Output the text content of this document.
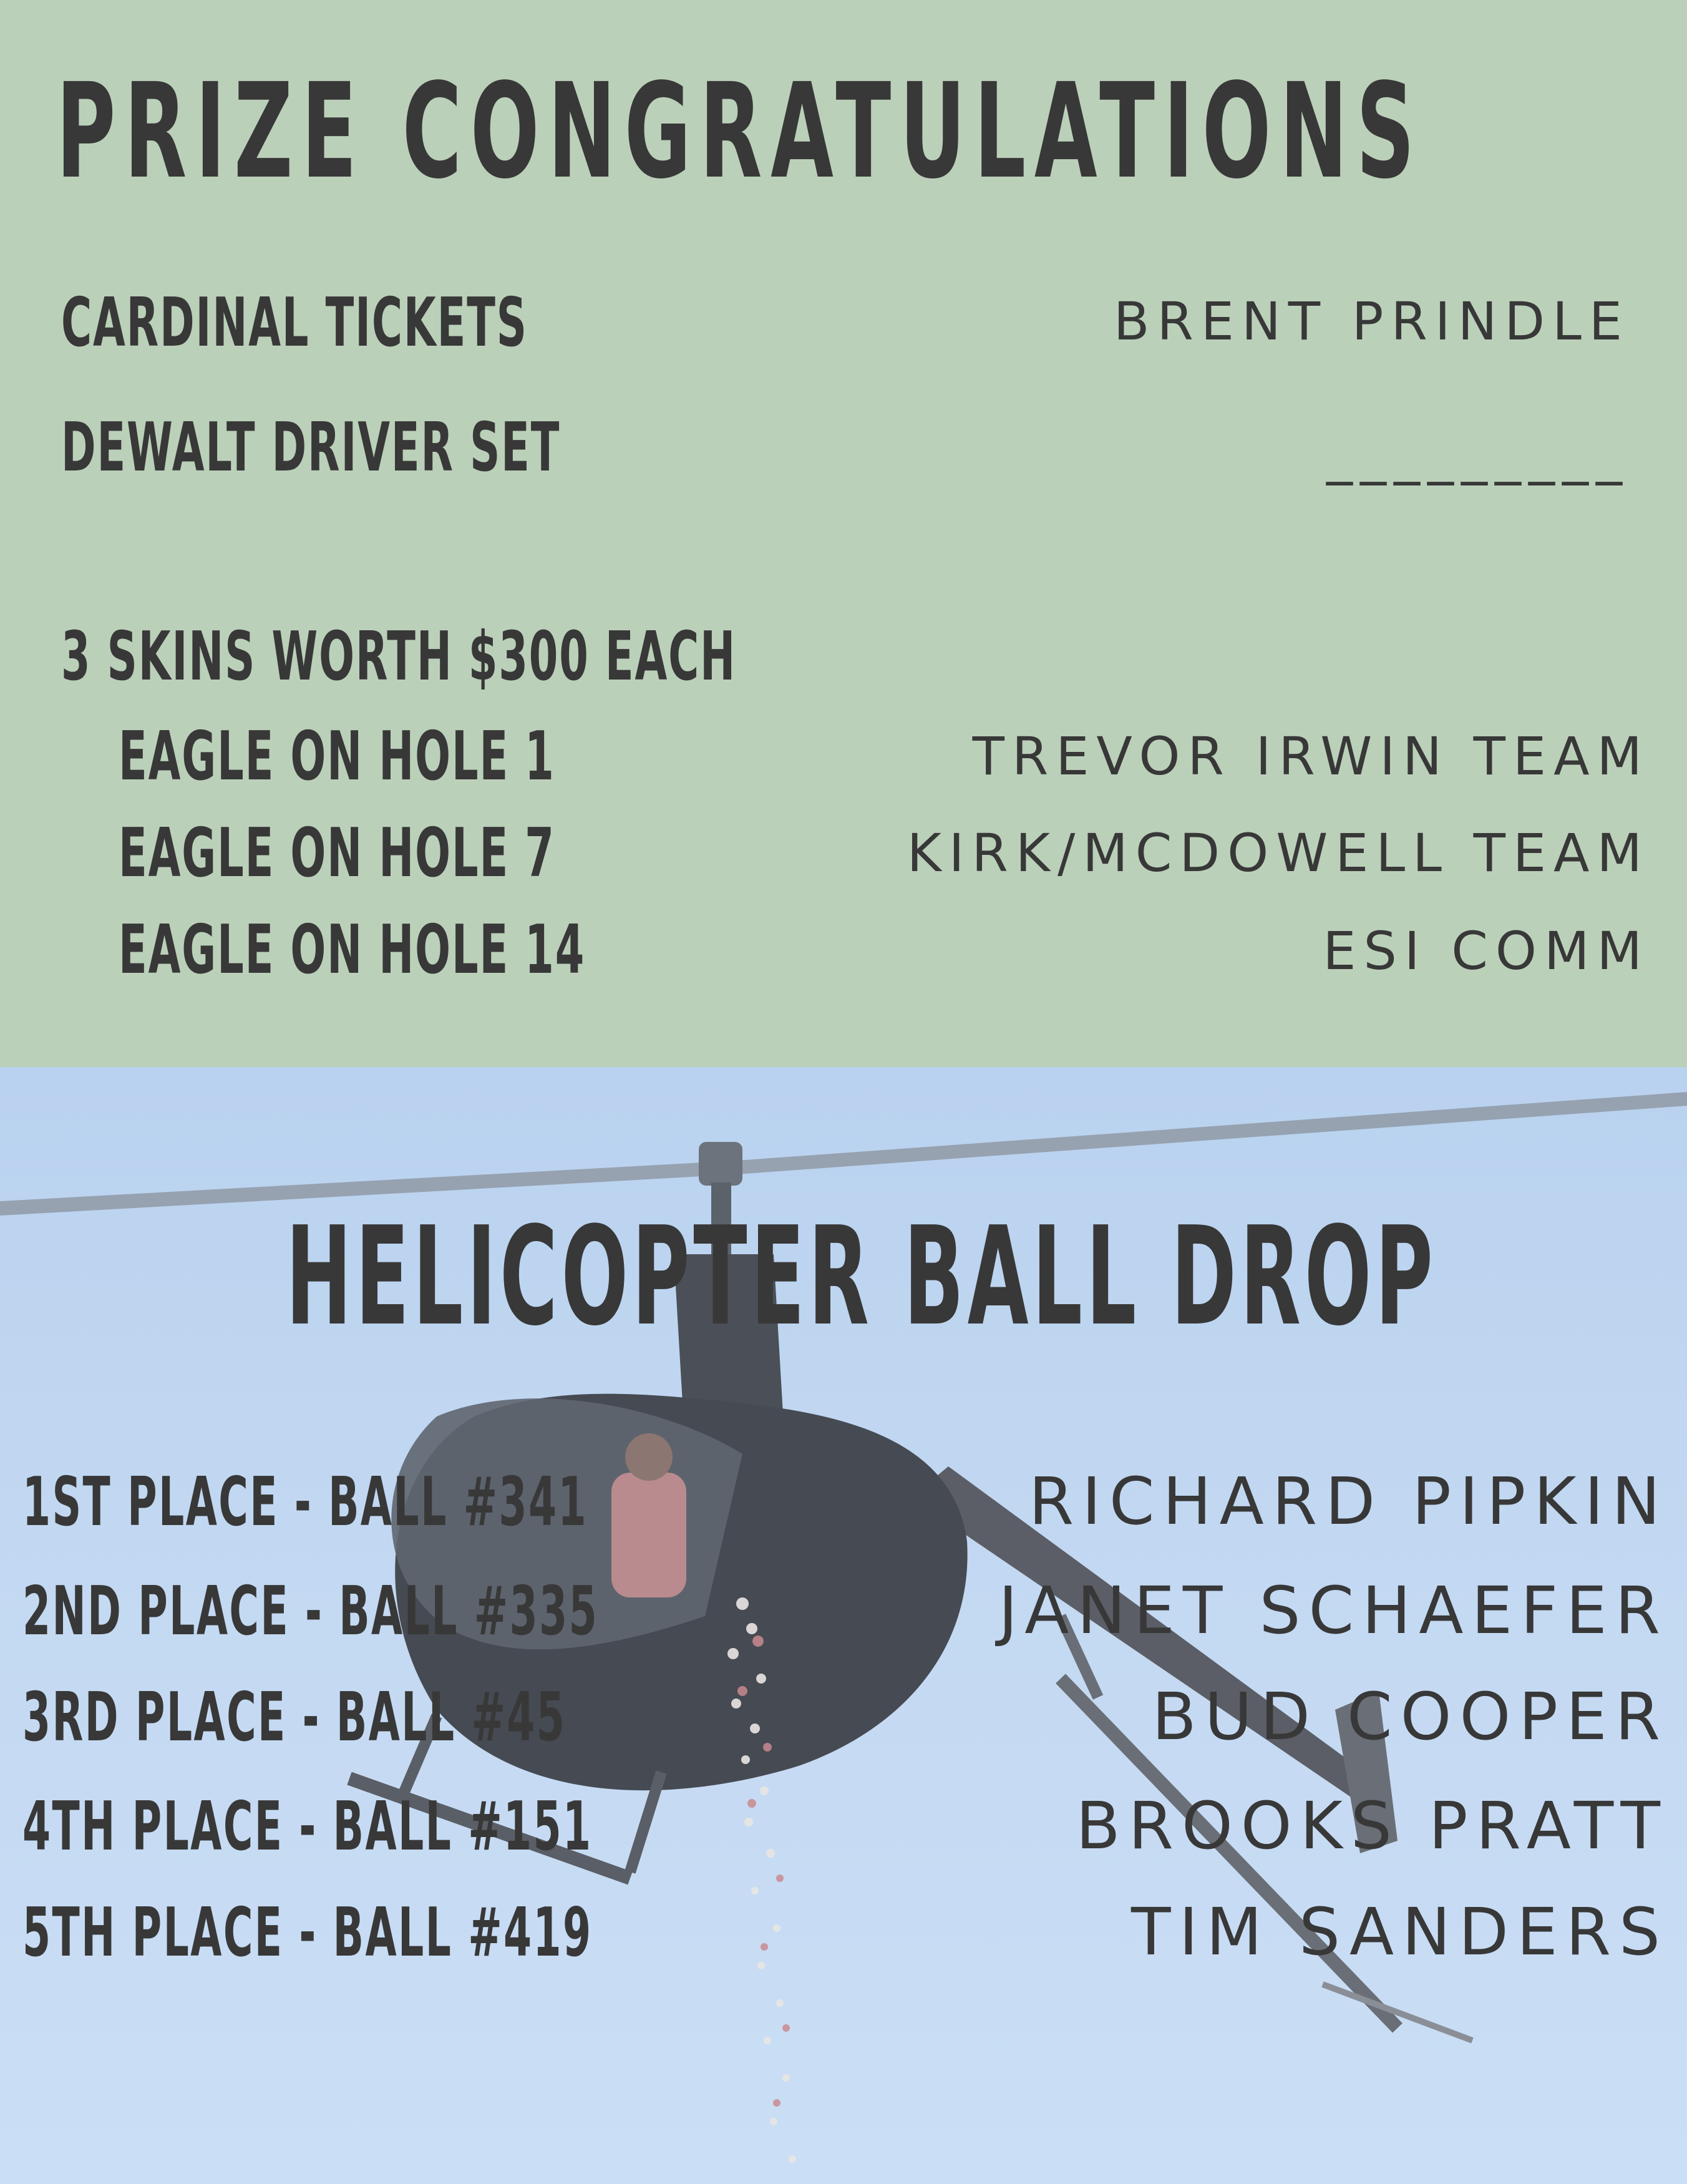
PRIZE CONGRATULATIONS
CARDINAL TICKETS	BRENT PRINDLE
DEWALT DRIVER SET	_________
3 SKINS WORTH $300 EACH
EAGLE ON HOLE 1	TREVOR IRWIN TEAM
EAGLE ON HOLE 7	KIRK/MCDOWELL TEAM
EAGLE ON HOLE 14	ESI COMM
HELICOPTER BALL DROP
1ST PLACE - BALL #341	RICHARD PIPKIN
2ND PLACE - BALL #335	JANET SCHAEFER
3RD PLACE - BALL #45	BUD COOPER
4TH PLACE - BALL #151	BROOKS PRATT
5TH PLACE - BALL #419	TIM SANDERS
